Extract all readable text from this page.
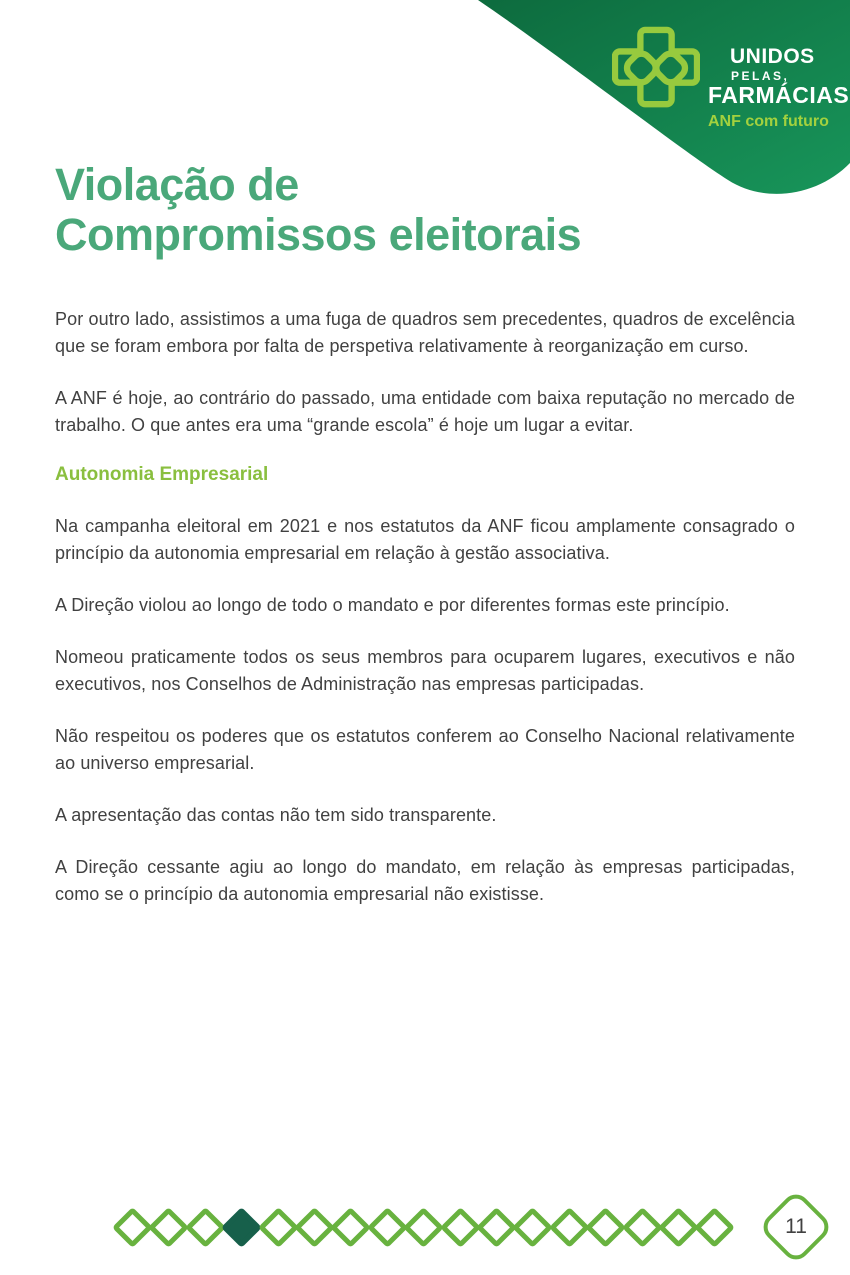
UNIDOS
PELAS,
FARMÁCIAS
ANF com futuro
Violação de
Compromissos eleitorais

Por outro lado, assistimos a uma fuga de quadros sem precedentes, quadros de excelência que se foram embora por falta de perspetiva relativamente à reorganização em curso.

A ANF é hoje, ao contrário do passado, uma entidade com baixa reputação no mercado de trabalho. O que antes era uma “grande escola” é hoje um lugar a evitar.

Autonomia Empresarial

Na campanha eleitoral em 2021 e nos estatutos da ANF ficou amplamente consagrado o princípio da autonomia empresarial em relação à gestão associativa.

A Direção violou ao longo de todo o mandato e por diferentes formas este princípio.

Nomeou praticamente todos os seus membros para ocuparem lugares, executivos e não executivos, nos Conselhos de Administração nas empresas participadas.

Não respeitou os poderes que os estatutos conferem ao Conselho Nacional relativamente ao universo empresarial.

A apresentação das contas não tem sido transparente.

A Direção cessante agiu ao longo do mandato, em relação às empresas participadas, como se o princípio da autonomia empresarial não existisse.

11
